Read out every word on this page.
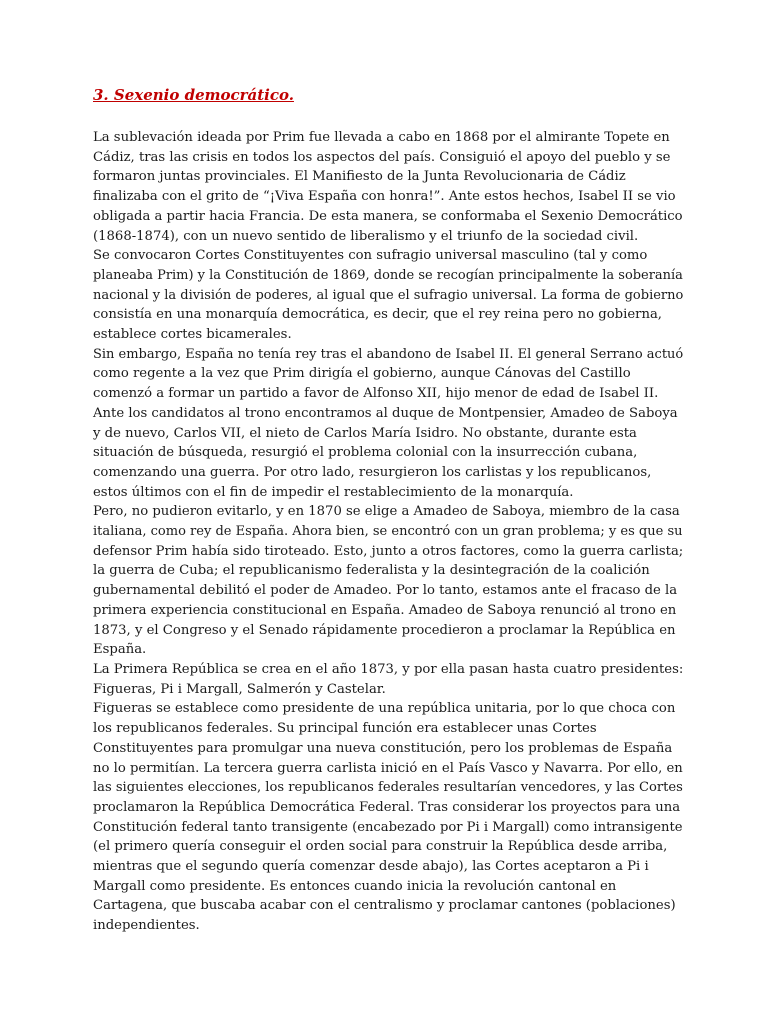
3. Sexenio democrático.
La sublevación ideada por Prim fue llevada a cabo en 1868 por el almirante Topete en
Cádiz, tras las crisis en todos los aspectos del país. Consiguió el apoyo del pueblo y se
formaron juntas provinciales. El Manifiesto de la Junta Revolucionaria de Cádiz
finalizaba con el grito de “¡Viva España con honra!”. Ante estos hechos, Isabel II se vio
obligada a partir hacia Francia. De esta manera, se conformaba el Sexenio Democrático
(1868-1874), con un nuevo sentido de liberalismo y el triunfo de la sociedad civil.
Se convocaron Cortes Constituyentes con sufragio universal masculino (tal y como
planeaba Prim) y la Constitución de 1869, donde se recogían principalmente la soberanía
nacional y la división de poderes, al igual que el sufragio universal. La forma de gobierno
consistía en una monarquía democrática, es decir, que el rey reina pero no gobierna,
establece cortes bicamerales.
Sin embargo, España no tenía rey tras el abandono de Isabel II. El general Serrano actuó
como regente a la vez que Prim dirigía el gobierno, aunque Cánovas del Castillo
comenzó a formar un partido a favor de Alfonso XII, hijo menor de edad de Isabel II.
Ante los candidatos al trono encontramos al duque de Montpensier, Amadeo de Saboya
y de nuevo, Carlos VII, el nieto de Carlos María Isidro. No obstante, durante esta
situación de búsqueda, resurgió el problema colonial con la insurrección cubana,
comenzando una guerra. Por otro lado, resurgieron los carlistas y los republicanos,
estos últimos con el fin de impedir el restablecimiento de la monarquía.
Pero, no pudieron evitarlo, y en 1870 se elige a Amadeo de Saboya, miembro de la casa
italiana, como rey de España. Ahora bien, se encontró con un gran problema; y es que su
defensor Prim había sido tiroteado. Esto, junto a otros factores, como la guerra carlista;
la guerra de Cuba; el republicanismo federalista y la desintegración de la coalición
gubernamental debilitó el poder de Amadeo. Por lo tanto, estamos ante el fracaso de la
primera experiencia constitucional en España. Amadeo de Saboya renunció al trono en
1873, y el Congreso y el Senado rápidamente procedieron a proclamar la República en
España.
La Primera República se crea en el año 1873, y por ella pasan hasta cuatro presidentes:
Figueras, Pi i Margall, Salmerón y Castelar.
Figueras se establece como presidente de una república unitaria, por lo que choca con
los republicanos federales. Su principal función era establecer unas Cortes
Constituyentes para promulgar una nueva constitución, pero los problemas de España
no lo permitían. La tercera guerra carlista inició en el País Vasco y Navarra. Por ello, en
las siguientes elecciones, los republicanos federales resultarían vencedores, y las Cortes
proclamaron la República Democrática Federal. Tras considerar los proyectos para una
Constitución federal tanto transigente (encabezado por Pi i Margall) como intransigente
(el primero quería conseguir el orden social para construir la República desde arriba,
mientras que el segundo quería comenzar desde abajo), las Cortes aceptaron a Pi i
Margall como presidente. Es entonces cuando inicia la revolución cantonal en
Cartagena, que buscaba acabar con el centralismo y proclamar cantones (poblaciones)
independientes.
